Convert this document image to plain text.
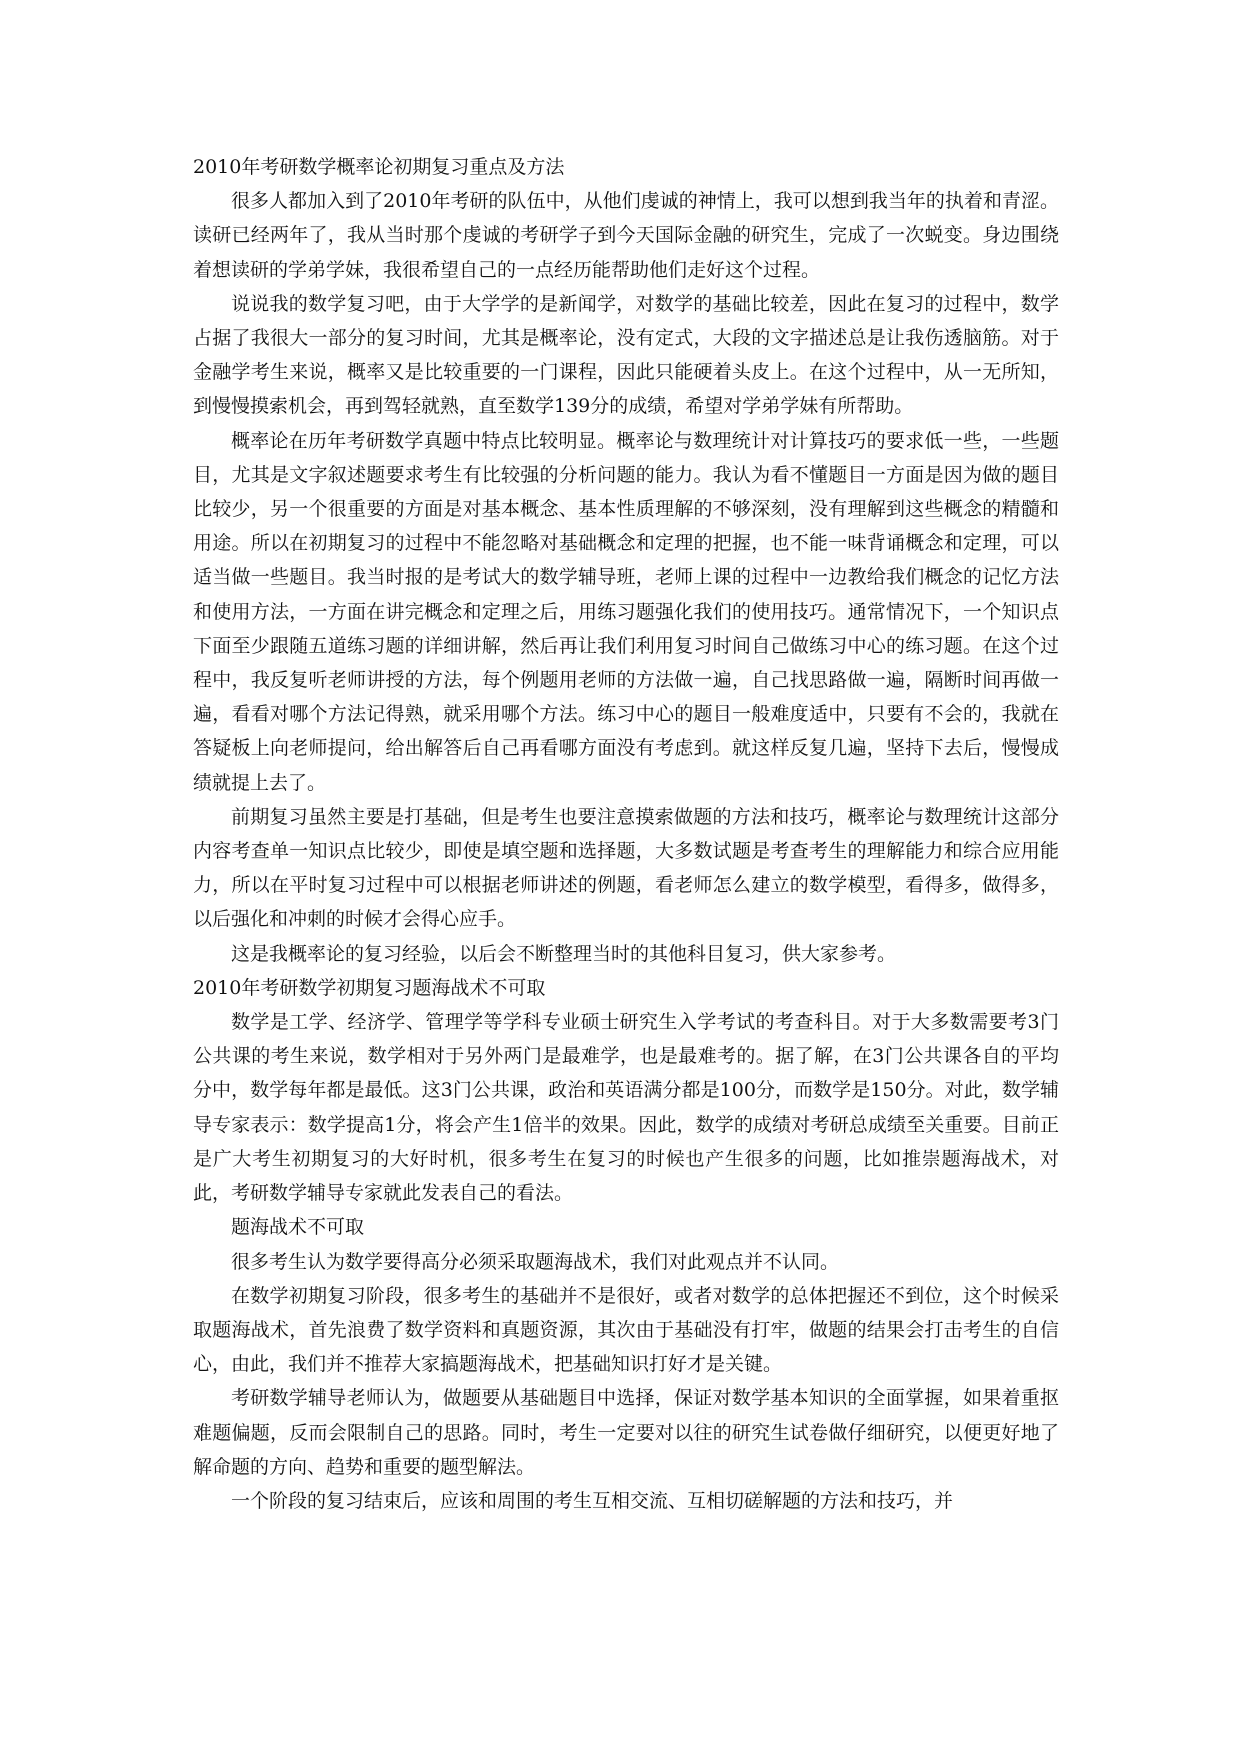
2010年考研数学概率论初期复习重点及方法

很多人都加入到了2010年考研的队伍中，从他们虔诚的神情上，我可以想到我当年的执着和青涩。读研已经两年了，我从当时那个虔诚的考研学子到今天国际金融的研究生，完成了一次蜕变。身边围绕着想读研的学弟学妹，我很希望自己的一点经历能帮助他们走好这个过程。

说说我的数学复习吧，由于大学学的是新闻学，对数学的基础比较差，因此在复习的过程中，数学占据了我很大一部分的复习时间，尤其是概率论，没有定式，大段的文字描述总是让我伤透脑筋。对于金融学考生来说，概率又是比较重要的一门课程，因此只能硬着头皮上。在这个过程中，从一无所知，到慢慢摸索机会，再到驾轻就熟，直至数学139分的成绩，希望对学弟学妹有所帮助。

概率论在历年考研数学真题中特点比较明显。概率论与数理统计对计算技巧的要求低一些，一些题目，尤其是文字叙述题要求考生有比较强的分析问题的能力。我认为看不懂题目一方面是因为做的题目比较少，另一个很重要的方面是对基本概念、基本性质理解的不够深刻，没有理解到这些概念的精髓和用途。所以在初期复习的过程中不能忽略对基础概念和定理的把握，也不能一味背诵概念和定理，可以适当做一些题目。我当时报的是考试大的数学辅导班，老师上课的过程中一边教给我们概念的记忆方法和使用方法，一方面在讲完概念和定理之后，用练习题强化我们的使用技巧。通常情况下，一个知识点下面至少跟随五道练习题的详细讲解，然后再让我们利用复习时间自己做练习中心的练习题。在这个过程中，我反复听老师讲授的方法，每个例题用老师的方法做一遍，自己找思路做一遍，隔断时间再做一遍，看看对哪个方法记得熟，就采用哪个方法。练习中心的题目一般难度适中，只要有不会的，我就在答疑板上向老师提问，给出解答后自己再看哪方面没有考虑到。就这样反复几遍，坚持下去后，慢慢成绩就提上去了。

前期复习虽然主要是打基础，但是考生也要注意摸索做题的方法和技巧，概率论与数理统计这部分内容考查单一知识点比较少，即使是填空题和选择题，大多数试题是考查考生的理解能力和综合应用能力，所以在平时复习过程中可以根据老师讲述的例题，看老师怎么建立的数学模型，看得多，做得多，以后强化和冲刺的时候才会得心应手。

这是我概率论的复习经验，以后会不断整理当时的其他科目复习，供大家参考。

2010年考研数学初期复习题海战术不可取

数学是工学、经济学、管理学等学科专业硕士研究生入学考试的考查科目。对于大多数需要考3门公共课的考生来说，数学相对于另外两门是最难学，也是最难考的。据了解，在3门公共课各自的平均分中，数学每年都是最低。这3门公共课，政治和英语满分都是100分，而数学是150分。对此，数学辅导专家表示：数学提高1分，将会产生1倍半的效果。因此，数学的成绩对考研总成绩至关重要。目前正是广大考生初期复习的大好时机，很多考生在复习的时候也产生很多的问题，比如推崇题海战术，对此，考研数学辅导专家就此发表自己的看法。

题海战术不可取

很多考生认为数学要得高分必须采取题海战术，我们对此观点并不认同。

在数学初期复习阶段，很多考生的基础并不是很好，或者对数学的总体把握还不到位，这个时候采取题海战术，首先浪费了数学资料和真题资源，其次由于基础没有打牢，做题的结果会打击考生的自信心，由此，我们并不推荐大家搞题海战术，把基础知识打好才是关键。

考研数学辅导老师认为，做题要从基础题目中选择，保证对数学基本知识的全面掌握，如果着重抠难题偏题，反而会限制自己的思路。同时，考生一定要对以往的研究生试卷做仔细研究，以便更好地了解命题的方向、趋势和重要的题型解法。

一个阶段的复习结束后，应该和周围的考生互相交流、互相切磋解题的方法和技巧，并
